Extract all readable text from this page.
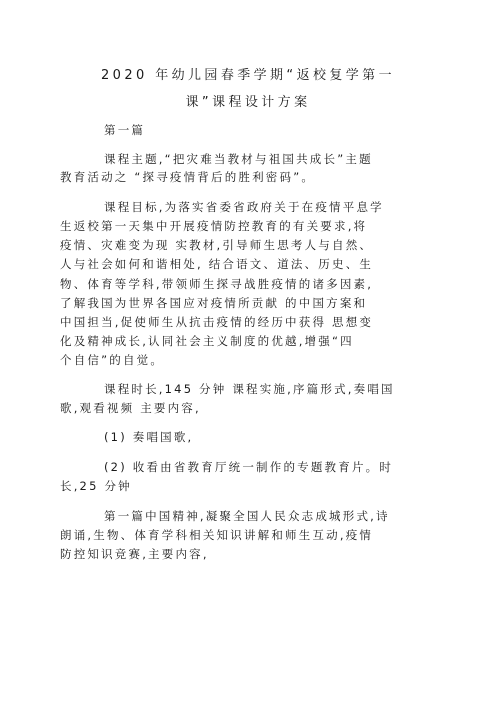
2020 年幼儿园春季学期“返校复学第一
课”课程设计方案

第一篇

课程主题,“把灾难当教材与祖国共成长”主题

教育活动之 “探寻疫情背后的胜利密码”。

课程目标,为落实省委省政府关于在疫情平息学

生返校第一天集中开展疫情防控教育的有关要求,将

疫情、灾难变为现 实教材,引导师生思考人与自然、

人与社会如何和谐相处, 结合语文、道法、历史、生

物、体育等学科,带领师生探寻战胜疫情的诸多因素,

了解我国为世界各国应对疫情所贡献 的中国方案和

中国担当,促使师生从抗击疫情的经历中获得 思想变

化及精神成长,认同社会主义制度的优越,增强“四

个自信”的自觉。

课程时长,145 分钟 课程实施,序篇形式,奏唱国

歌,观看视频 主要内容,

(1) 奏唱国歌,

(2) 收看由省教育厅统一制作的专题教育片。时

长,25 分钟

第一篇中国精神,凝聚全国人民众志成城形式,诗

朗诵,生物、体育学科相关知识讲解和师生互动,疫情

防控知识竞赛,主要内容,
